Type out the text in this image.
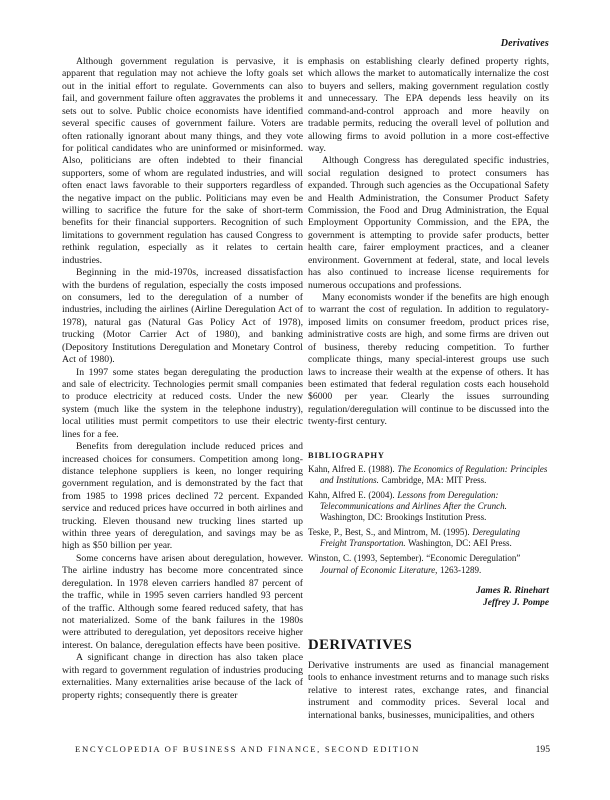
Derivatives

Although government regulation is pervasive, it is apparent that regulation may not achieve the lofty goals set out in the initial effort to regulate. Governments can also fail, and government failure often aggravates the problems it sets out to solve. Public choice economists have identified several specific causes of government failure. Voters are often rationally ignorant about many things, and they vote for political candidates who are uninformed or misinformed. Also, politicians are often indebted to their financial supporters, some of whom are regulated industries, and will often enact laws favorable to their supporters regardless of the negative impact on the public. Politicians may even be willing to sacrifice the future for the sake of short-term benefits for their financial supporters. Recognition of such limitations to government regulation has caused Congress to rethink regulation, especially as it relates to certain industries.

Beginning in the mid-1970s, increased dissatisfaction with the burdens of regulation, especially the costs imposed on consumers, led to the deregulation of a number of industries, including the airlines (Airline Deregulation Act of 1978), natural gas (Natural Gas Policy Act of 1978), trucking (Motor Carrier Act of 1980), and banking (Depository Institutions Deregulation and Monetary Control Act of 1980).

In 1997 some states began deregulating the production and sale of electricity. Technologies permit small companies to produce electricity at reduced costs. Under the new system (much like the system in the telephone industry), local utilities must permit competitors to use their electric lines for a fee.

Benefits from deregulation include reduced prices and increased choices for consumers. Competition among long-distance telephone suppliers is keen, no longer requiring government regulation, and is demonstrated by the fact that from 1985 to 1998 prices declined 72 percent. Expanded service and reduced prices have occurred in both airlines and trucking. Eleven thousand new trucking lines started up within three years of deregulation, and savings may be as high as $50 billion per year.

Some concerns have arisen about deregulation, however. The airline industry has become more concentrated since deregulation. In 1978 eleven carriers handled 87 percent of the traffic, while in 1995 seven carriers handled 93 percent of the traffic. Although some feared reduced safety, that has not materialized. Some of the bank failures in the 1980s were attributed to deregulation, yet depositors receive higher interest. On balance, deregulation effects have been positive.

A significant change in direction has also taken place with regard to government regulation of industries producing externalities. Many externalities arise because of the lack of property rights; consequently there is greater

emphasis on establishing clearly defined property rights, which allows the market to automatically internalize the cost to buyers and sellers, making government regulation costly and unnecessary. The EPA depends less heavily on its command-and-control approach and more heavily on tradable permits, reducing the overall level of pollution and allowing firms to avoid pollution in a more cost-effective way.

Although Congress has deregulated specific industries, social regulation designed to protect consumers has expanded. Through such agencies as the Occupational Safety and Health Administration, the Consumer Product Safety Commission, the Food and Drug Administration, the Equal Employment Opportunity Commission, and the EPA, the government is attempting to provide safer products, better health care, fairer employment practices, and a cleaner environment. Government at federal, state, and local levels has also continued to increase license requirements for numerous occupations and professions.

Many economists wonder if the benefits are high enough to warrant the cost of regulation. In addition to regulatory-imposed limits on consumer freedom, product prices rise, administrative costs are high, and some firms are driven out of business, thereby reducing competition. To further complicate things, many special-interest groups use such laws to increase their wealth at the expense of others. It has been estimated that federal regulation costs each household $6000 per year. Clearly the issues surrounding regulation/deregulation will continue to be discussed into the twenty-first century.

BIBLIOGRAPHY

Kahn, Alfred E. (1988). The Economics of Regulation: Principles and Institutions. Cambridge, MA: MIT Press.

Kahn, Alfred E. (2004). Lessons from Deregulation: Telecommunications and Airlines After the Crunch. Washington, DC: Brookings Institution Press.

Teske, P., Best, S., and Mintrom, M. (1995). Deregulating Freight Transportation. Washington, DC: AEI Press.

Winston, C. (1993, September). “Economic Deregulation” Journal of Economic Literature, 1263-1289.

James R. Rinehart
Jeffrey J. Pompe
DERIVATIVES

Derivative instruments are used as financial management tools to enhance investment returns and to manage such risks relative to interest rates, exchange rates, and financial instrument and commodity prices. Several local and international banks, businesses, municipalities, and others

ENCYCLOPEDIA OF BUSINESS AND FINANCE, SECOND EDITION	195
